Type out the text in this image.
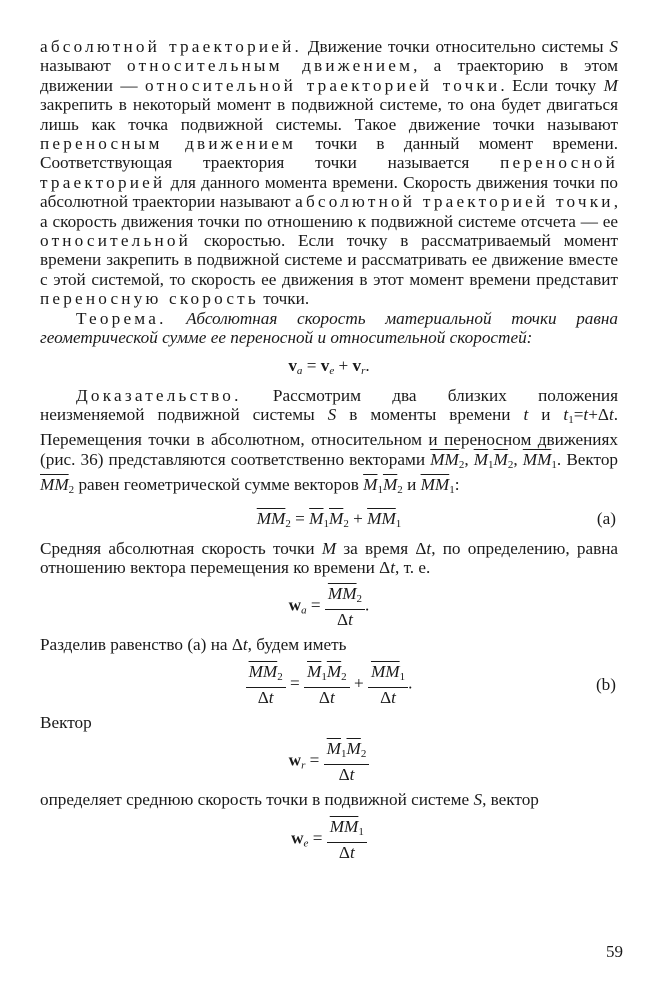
абсолютной траекторией. Движение точки относительно системы S называют относительным движением, а траекторию в этом движении — относительной траекторией точки. Если точку M закрепить в некоторый момент в подвижной системе, то она будет двигаться лишь как точка подвижной системы. Такое движение точки называют переносным движением точки в данный момент времени. Соответствующая траектория точки называется переносной траекторией для данного момента времени. Скорость движения точки по абсолютной траектории называют абсолютной траекторией точки, а скорость движения точки по отношению к подвижной системе отсчета — ее относительной скоростью. Если точку в рассматриваемый момент времени закрепить в подвижной системе и рассматривать ее движение вместе с этой системой, то скорость ее движения в этот момент времени представит переносную скорость точки.

Теорема. Абсолютная скорость материальной точки равна геометрической сумме ее переносной и относительной скоростей:

$v_a = v_e + v_r$.

Доказательство. Рассмотрим два близких положения неизменяемой подвижной системы S в моменты времени t и $t_1=t+\Delta t$. Перемещения точки в абсолютном, относительном и переносном движениях (рис. 36) представляются соответственно векторами $\overline{MM}_2$, $\overline{M}_1\overline{M}_2$, $\overline{MM}_1$. Вектор $\overline{MM}_2$ равен геометрической сумме векторов $\overline{M}_1\overline{M}_2$ и $\overline{MM}_1$:

$\overline{MM}_2 = \overline{M}_1\overline{M}_2 + \overline{MM}_1$	(a)

Средняя абсолютная скорость точки M за время Δt, по определению, равна отношению вектора перемещения ко времени Δt, т. е.

$w_a = \frac{\overline{MM}_2}{\Delta t}$ .

Разделив равенство (a) на Δt, будем иметь

$\frac{\overline{MM}_2}{\Delta t} = \frac{\overline{M}_1\overline{M}_2}{\Delta t} + \frac{\overline{MM}_1}{\Delta t}$ .	(b)

Вектор

$w_r = \frac{\overline{M}_1\overline{M}_2}{\Delta t}$

определяет среднюю скорость точки в подвижной системе S, вектор

$w_e = \frac{\overline{MM}_1}{\Delta t}$
59
